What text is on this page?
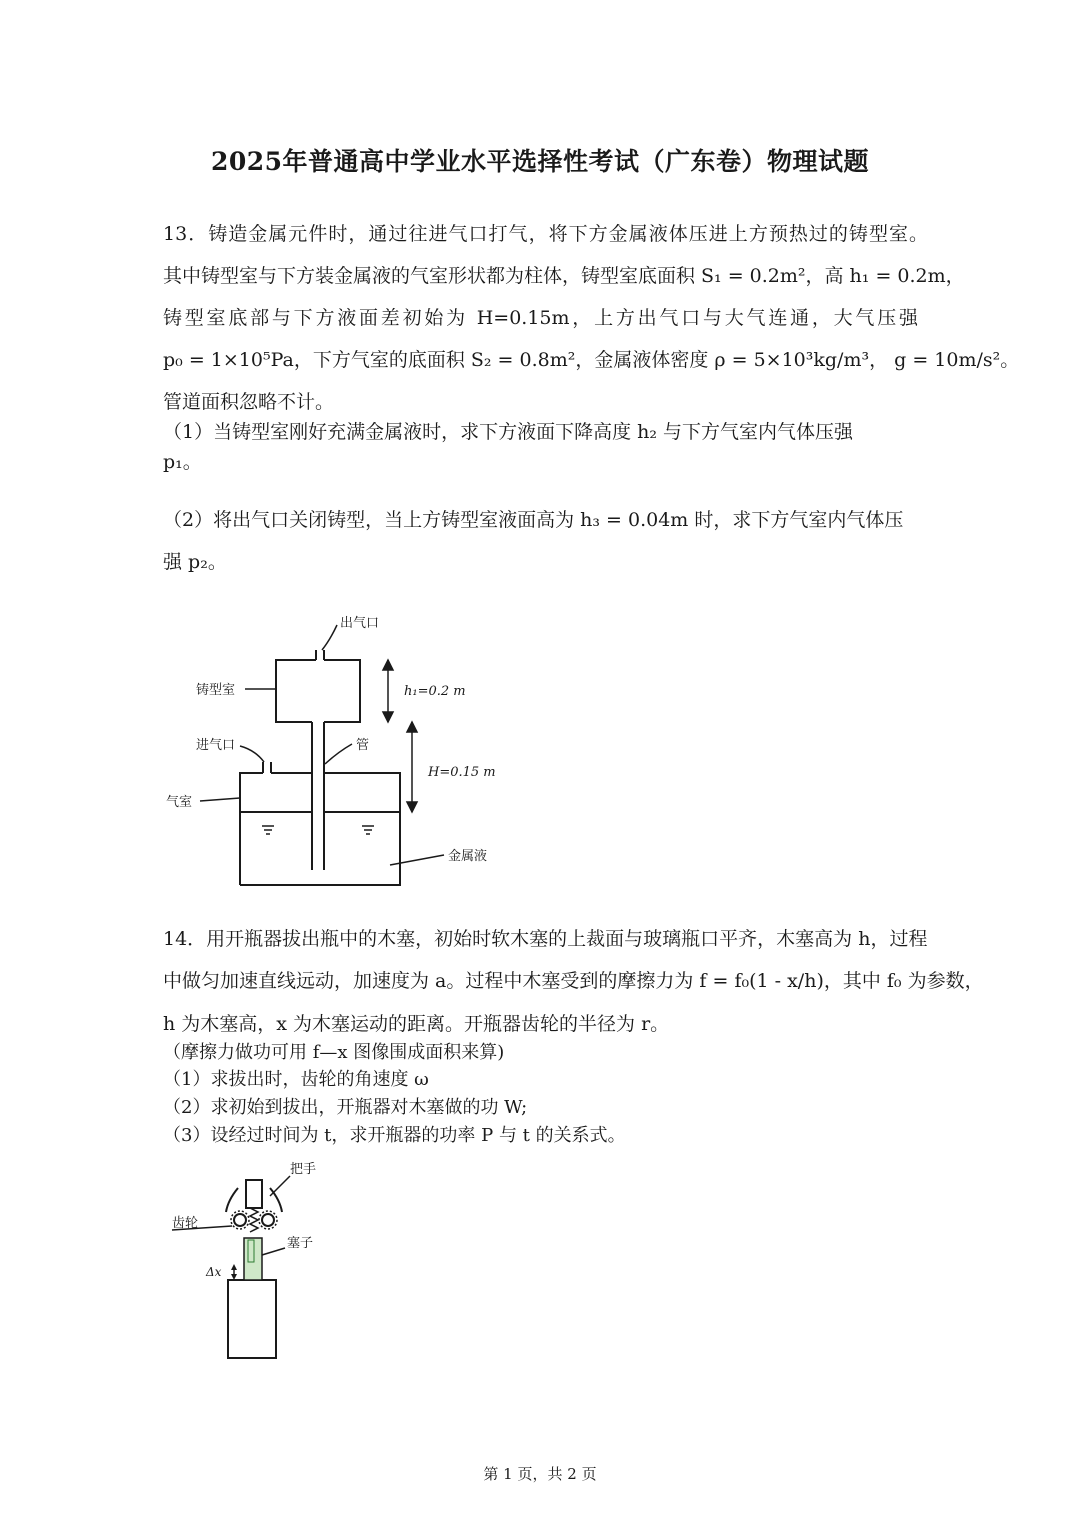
2025年普通高中学业水平选择性考试（广东卷）物理试题
13．铸造金属元件时，通过往进气口打气，将下方金属液体压进上方预热过的铸型室。
其中铸型室与下方装金属液的气室形状都为柱体，铸型室底面积 S₁ = 0.2m²，高 h₁ = 0.2m，
铸型室底部与下方液面差初始为 H=0.15m，上方出气口与大气连通，大气压强
p₀ = 1×10⁵Pa，下方气室的底面积 S₂ = 0.8m²，金属液体密度 ρ = 5×10³kg/m³， g = 10m/s²。
管道面积忽略不计。
（1）当铸型室刚好充满金属液时，求下方液面下降高度 h₂ 与下方气室内气体压强
p₁。
（2）将出气口关闭铸型，当上方铸型室液面高为 h₃ = 0.04m 时，求下方气室内气体压
强 p₂。
出气口
铸型室
进气口	管
气室
金属液
h₁=0.2 m
H=0.15 m
把手
齿轮
塞子
Δx
14．用开瓶器拔出瓶中的木塞，初始时软木塞的上裁面与玻璃瓶口平齐，木塞高为 h，过程
中做匀加速直线远动，加速度为 a。过程中木塞受到的摩擦力为 f = f₀(1 - x/h)，其中 f₀ 为参数，
h 为木塞高，x 为木塞运动的距离。开瓶器齿轮的半径为 r。
（摩擦力做功可用 f—x 图像围成面积来算)
（1）求拔出时，齿轮的角速度 ω
（2）求初始到拔出，开瓶器对木塞做的功 W;
（3）设经过时间为 t，求开瓶器的功率 P 与 t 的关系式。
第 1 页，共 2 页
